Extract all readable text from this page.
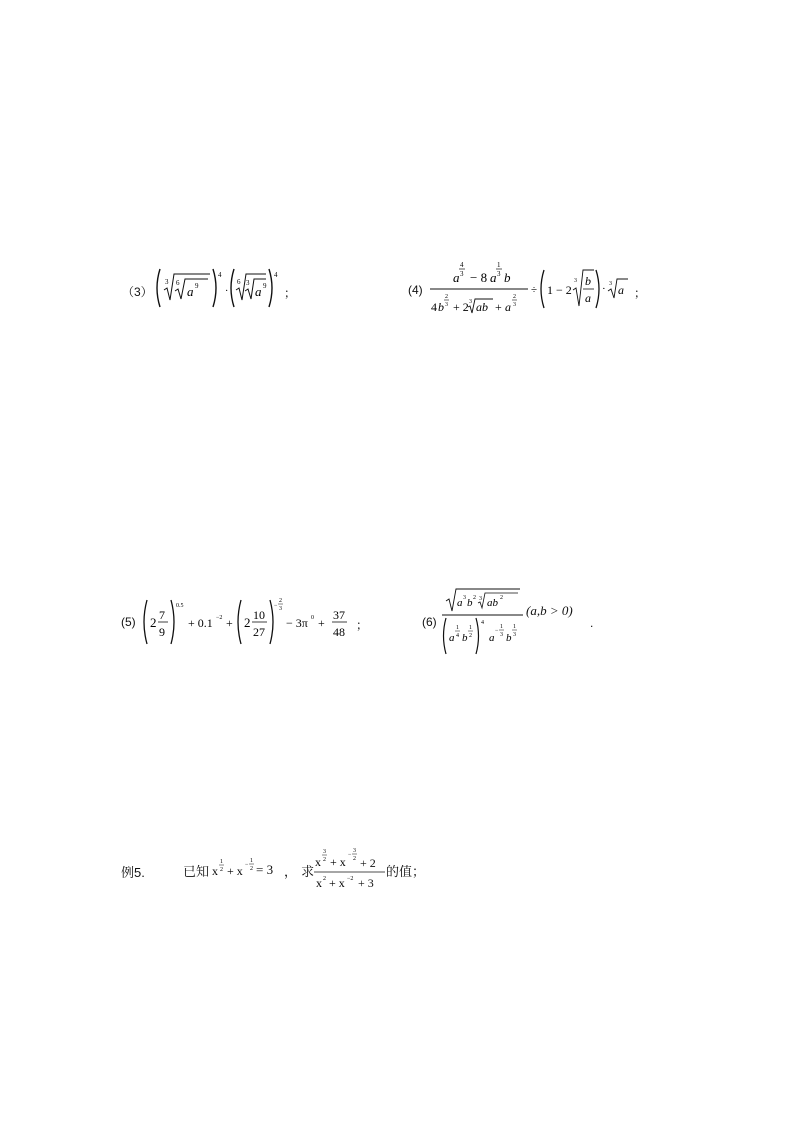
（3）
3 6
a 9
4
·
6 3
a 9
4
；	(4)
a
4
3 − 8 a
1
3 b
4 b
2
3 + 2 3 ab + a
2
3
÷ 1 − 2
3 b
a
· 3 a ；
(5) 2 7
9
0.5
+ 0.1 −2 + 2 10
27
−
2
3
− 3π 0 +
37
48 ；	(6)
a 3 b 2 3 ab 2
a
1
4 b
1
2
4
a
−
1
3 b
1
3
(a,b > 0)
.
例5.	已知 x
1
2 + x −
1
2 = 3 ， 求
x
3
2 + x −
3
2
x 2 + x −2
+ 2
+ 3
的值；
